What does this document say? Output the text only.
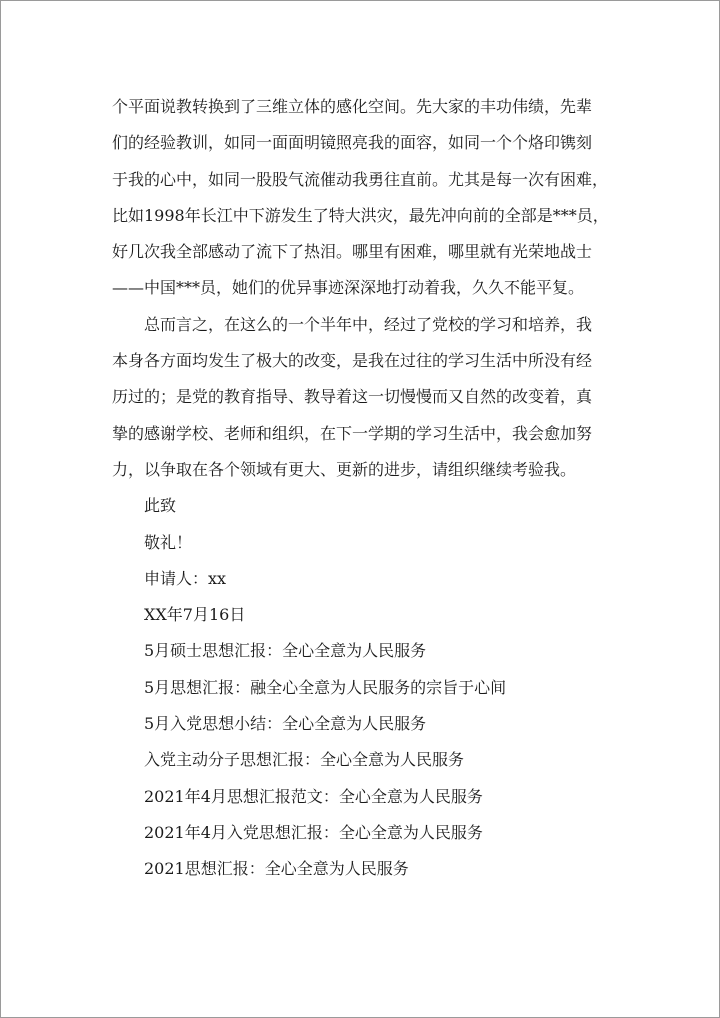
个平面说教转换到了三维立体的感化空间。先大家的丰功伟绩，先辈

们的经验教训，如同一面面明镜照亮我的面容，如同一个个烙印镌刻

于我的心中，如同一股股气流催动我勇往直前。尤其是每一次有困难，

比如1998年长江中下游发生了特大洪灾，最先冲向前的全部是***员，

好几次我全部感动了流下了热泪。哪里有困难，哪里就有光荣地战士

——中国***员，她们的优异事迹深深地打动着我，久久不能平复。

总而言之，在这么的一个半年中，经过了党校的学习和培养，我

本身各方面均发生了极大的改变，是我在过往的学习生活中所没有经

历过的；是党的教育指导、教导着这一切慢慢而又自然的改变着，真

挚的感谢学校、老师和组织，在下一学期的学习生活中，我会愈加努

力，以争取在各个领域有更大、更新的进步，请组织继续考验我。

此致
敬礼！
申请人：xx
XX年7月16日
5月硕士思想汇报：全心全意为人民服务
5月思想汇报：融全心全意为人民服务的宗旨于心间
5月入党思想小结：全心全意为人民服务
入党主动分子思想汇报：全心全意为人民服务
2021年4月思想汇报范文：全心全意为人民服务
2021年4月入党思想汇报：全心全意为人民服务
2021思想汇报：全心全意为人民服务
